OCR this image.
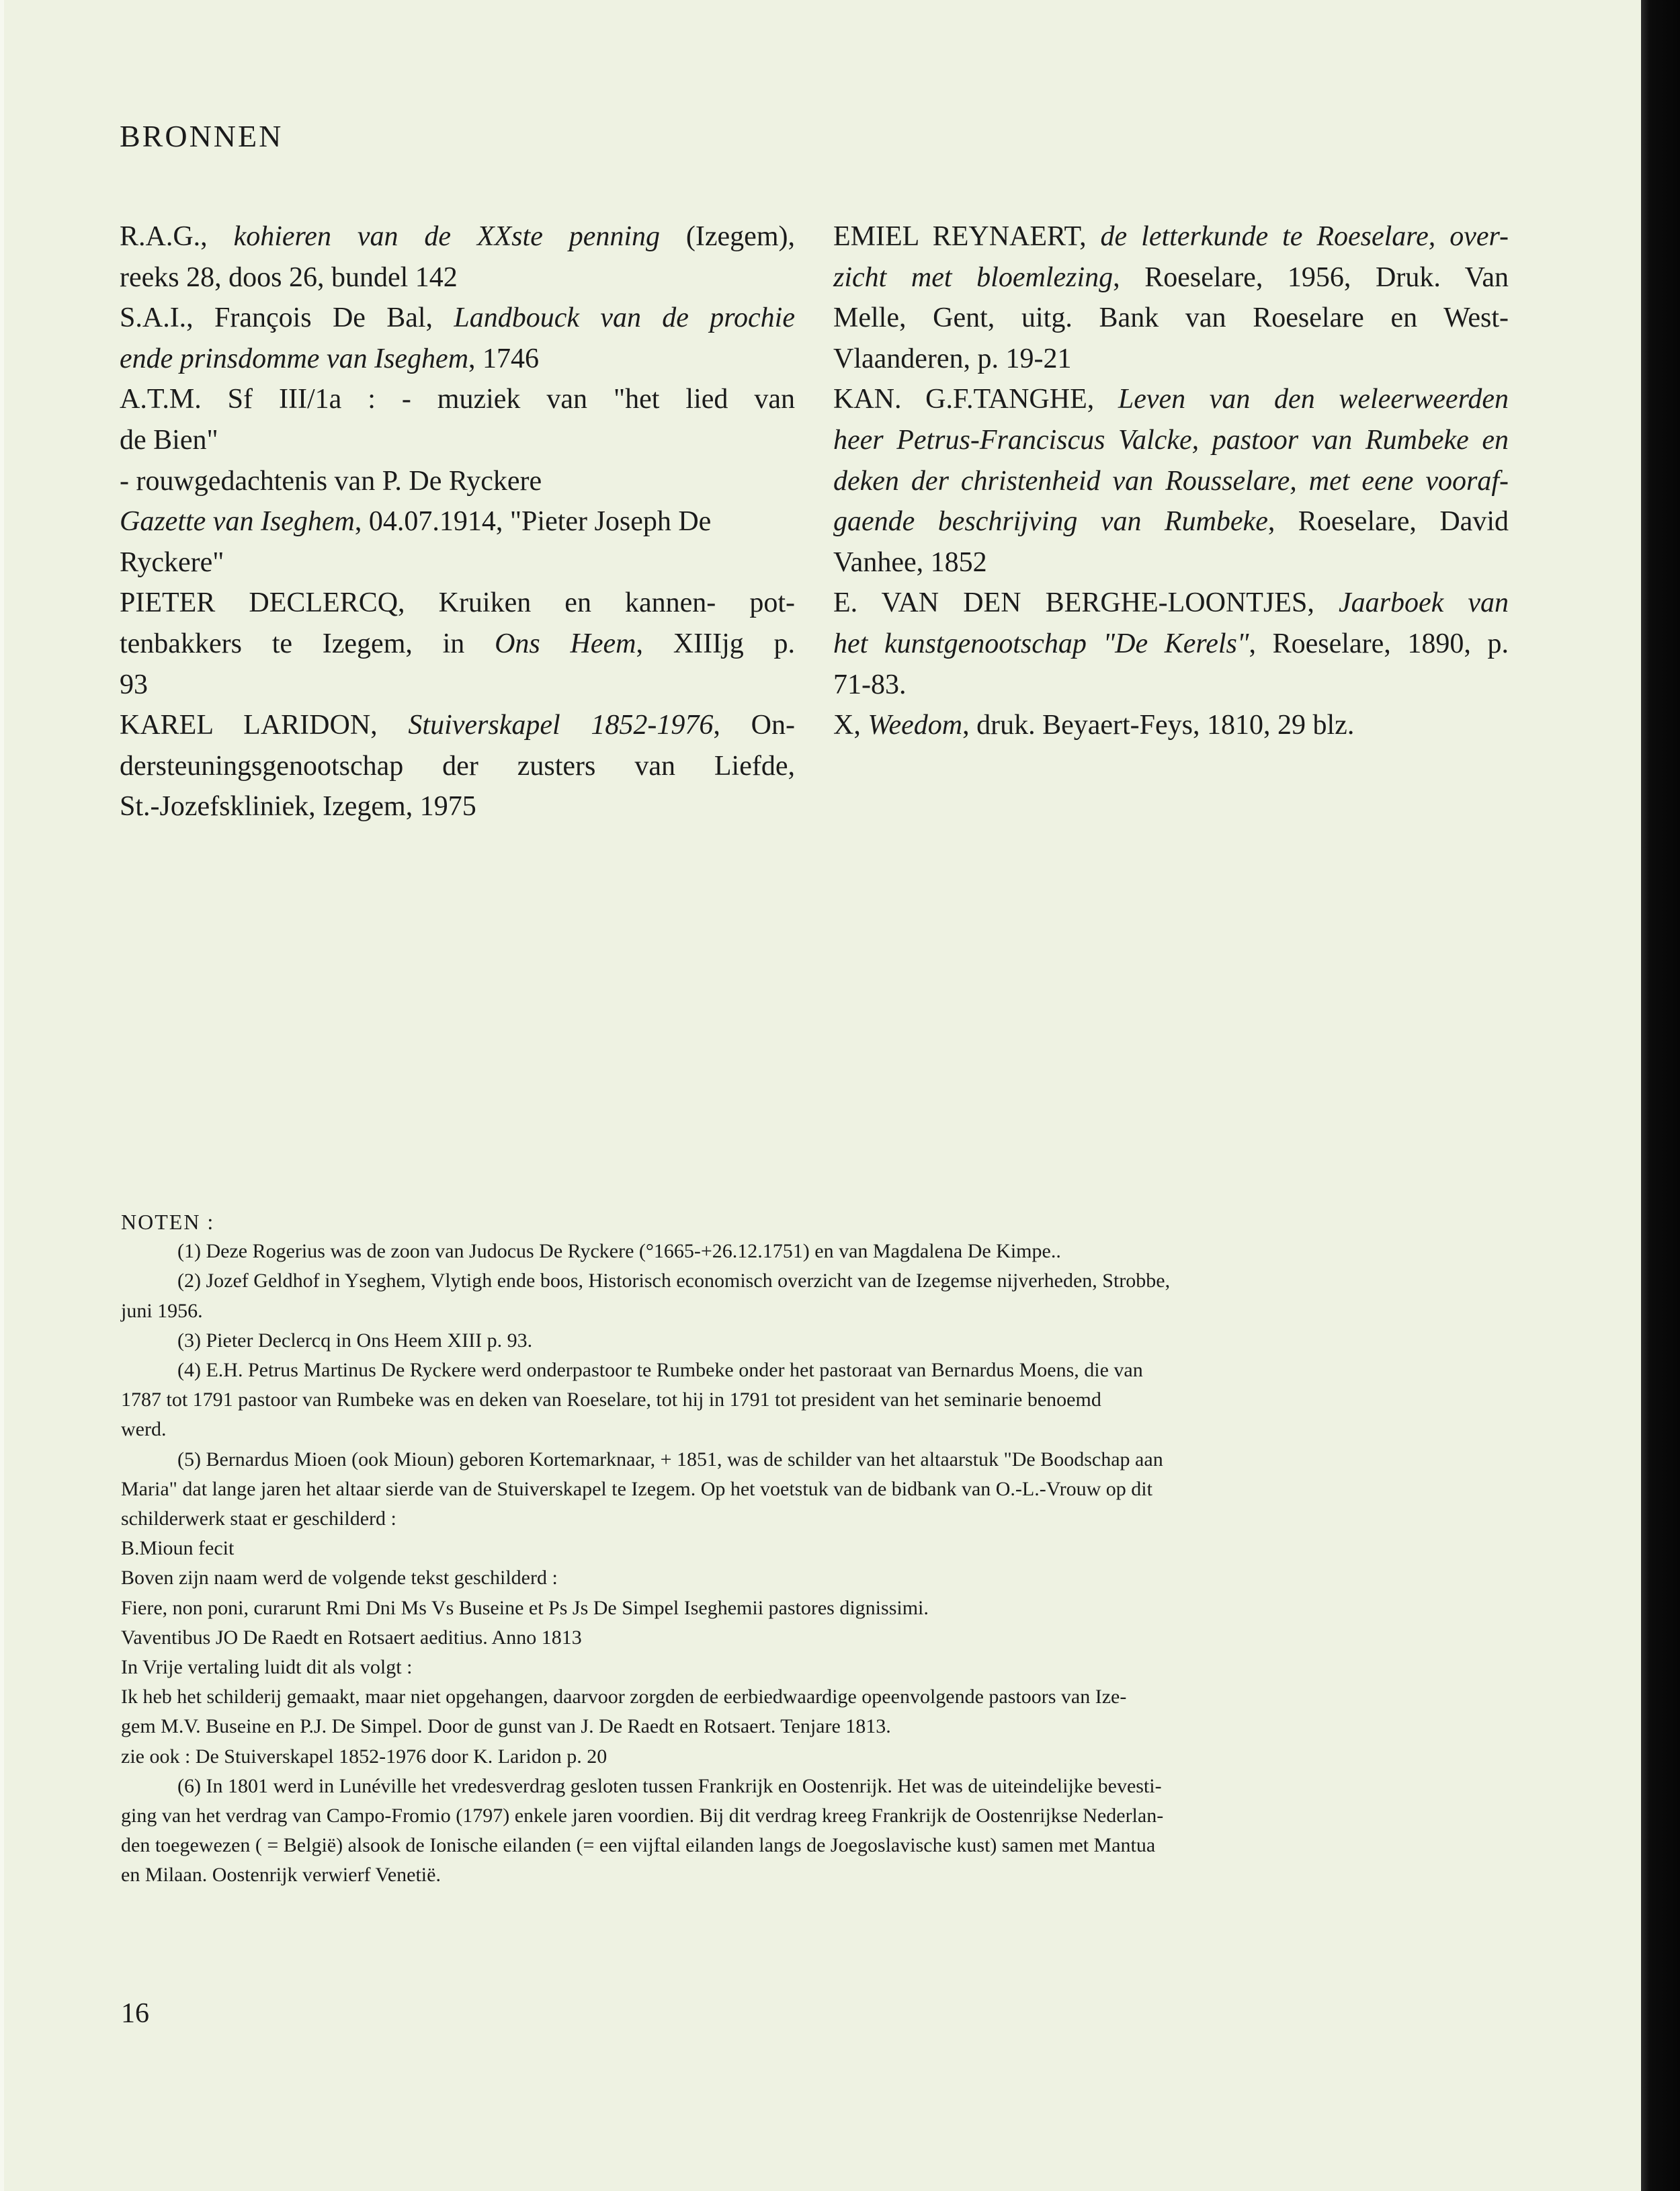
BRONNEN
R.A.G., kohieren van de XXste penning (Izegem),
reeks 28, doos 26, bundel 142
S.A.I., François De Bal, Landbouck van de prochie
ende prinsdomme van Iseghem, 1746
A.T.M. Sf III/1a : - muziek van "het lied van
de Bien"
- rouwgedachtenis van P. De Ryckere
Gazette van Iseghem, 04.07.1914, "Pieter Joseph De
Ryckere"
PIETER DECLERCQ, Kruiken en kannen- pot-
tenbakkers te Izegem, in Ons Heem, XIIIjg p.
93
KAREL LARIDON, Stuiverskapel 1852-1976, On-
dersteuningsgenootschap der zusters van Liefde,
St.-Jozefskliniek, Izegem, 1975
EMIEL REYNAERT, de letterkunde te Roeselare, over-
zicht met bloemlezing, Roeselare, 1956, Druk. Van
Melle, Gent, uitg. Bank van Roeselare en West-
Vlaanderen, p. 19-21
KAN. G.F.TANGHE, Leven van den weleerweerden
heer Petrus-Franciscus Valcke, pastoor van Rumbeke en
deken der christenheid van Rousselare, met eene vooraf-
gaende beschrijving van Rumbeke, Roeselare, David
Vanhee, 1852
E. VAN DEN BERGHE-LOONTJES, Jaarboek van
het kunstgenootschap "De Kerels", Roeselare, 1890, p.
71-83.
X, Weedom, druk. Beyaert-Feys, 1810, 29 blz.
NOTEN :
(1) Deze Rogerius was de zoon van Judocus De Ryckere (°1665-+26.12.1751) en van Magdalena De Kimpe..
(2) Jozef Geldhof in Yseghem, Vlytigh ende boos, Historisch economisch overzicht van de Izegemse nijverheden, Strobbe,
juni 1956.
(3) Pieter Declercq in Ons Heem XIII p. 93.
(4) E.H. Petrus Martinus De Ryckere werd onderpastoor te Rumbeke onder het pastoraat van Bernardus Moens, die van
1787 tot 1791 pastoor van Rumbeke was en deken van Roeselare, tot hij in 1791 tot president van het seminarie benoemd
werd.
(5) Bernardus Mioen (ook Mioun) geboren Kortemarknaar, + 1851, was de schilder van het altaarstuk "De Boodschap aan
Maria" dat lange jaren het altaar sierde van de Stuiverskapel te Izegem. Op het voetstuk van de bidbank van O.-L.-Vrouw op dit
schilderwerk staat er geschilderd :
B.Mioun fecit
Boven zijn naam werd de volgende tekst geschilderd :
Fiere, non poni, curarunt Rmi Dni Ms Vs Buseine et Ps Js De Simpel Iseghemii pastores dignissimi.
Vaventibus JO De Raedt en Rotsaert aeditius. Anno 1813
In Vrije vertaling luidt dit als volgt :
Ik heb het schilderij gemaakt, maar niet opgehangen, daarvoor zorgden de eerbiedwaardige opeenvolgende pastoors van Ize-
gem M.V. Buseine en P.J. De Simpel. Door de gunst van J. De Raedt en Rotsaert. Tenjare 1813.
zie ook : De Stuiverskapel 1852-1976 door K. Laridon p. 20
(6) In 1801 werd in Lunéville het vredesverdrag gesloten tussen Frankrijk en Oostenrijk. Het was de uiteindelijke bevesti-
ging van het verdrag van Campo-Fromio (1797) enkele jaren voordien. Bij dit verdrag kreeg Frankrijk de Oostenrijkse Nederlan-
den toegewezen ( = België) alsook de Ionische eilanden (= een vijftal eilanden langs de Joegoslavische kust) samen met Mantua
en Milaan. Oostenrijk verwierf Venetië.
16
